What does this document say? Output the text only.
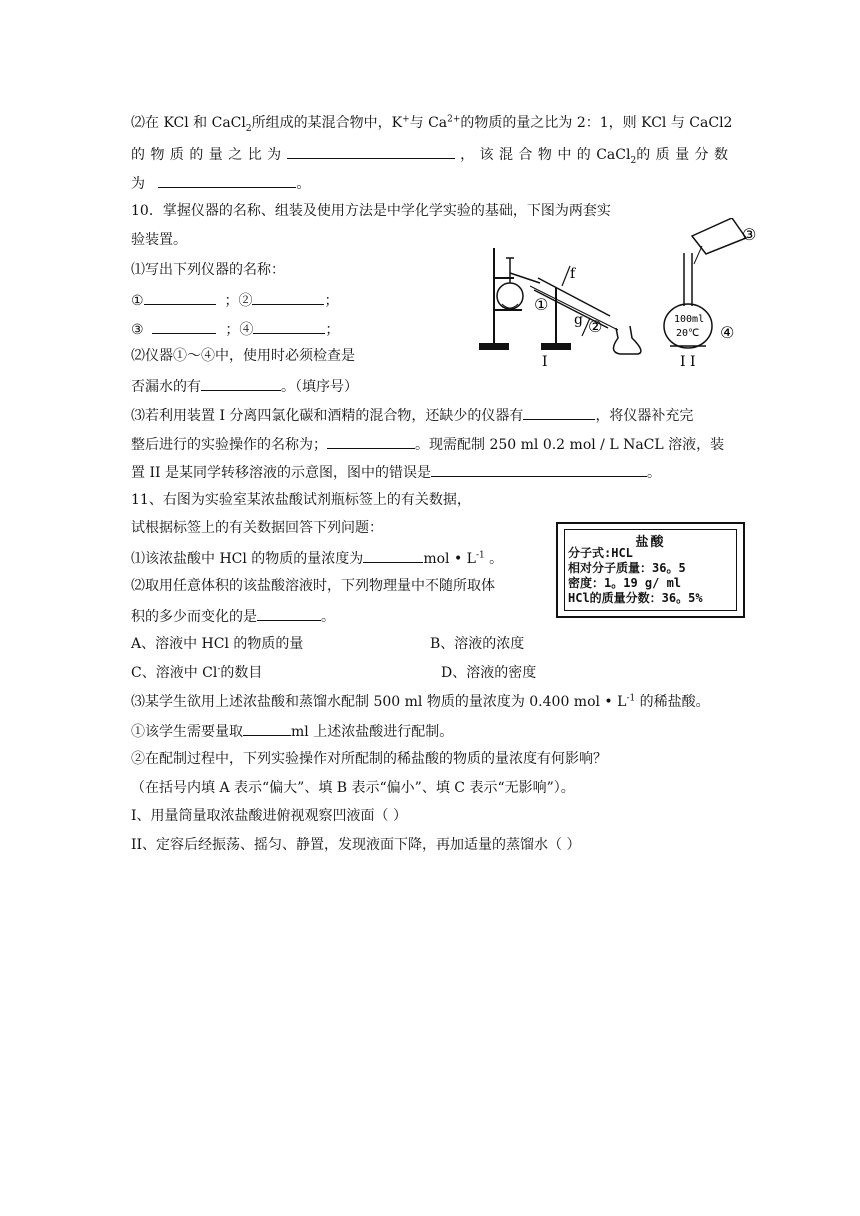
⑵在 KCl 和 CaCl$_2$所组成的某混合物中，K+与 $Ca^{2+}$的物质的量之比为 2：1，则 KCl 与 CaCl2
的 物 质 的 量 之 比 为	， 该 混 合 物 中 的 CaCl$_2$的 质 量 分 数
为	。
10．掌握仪器的名称、组装及使用方法是中学化学实验的基础，下图为两套实
验装置。
⑴写出下列仪器的名称：
①	；②	；
③	；④	；
⑵仪器①～④中，使用时必须检查是
否漏水的有	。（填序号）
⑶若利用装置 I 分离四氯化碳和酒精的混合物，还缺少的仪器有	，将仪器补充完
整后进行的实验操作的名称为；	。现需配制 250 ml 0.2 mol / L NaCL 溶液，装
置 II 是某同学转移溶液的示意图，图中的错误是	。
f
g
①
②
③
④
100ml
20℃
I	I I
11、右图为实验室某浓盐酸试剂瓶标签上的有关数据，
试根据标签上的有关数据回答下列问题：
⑴该浓盐酸中 HCl 的物质的量浓度为	mol • $L^{-1}$ 。
⑵取用任意体积的该盐酸溶液时，下列物理量中不随所取体
积的多少而变化的是	。
A、溶液中 HCl 的物质的量	B、溶液的浓度
C、溶液中 Cl-的数目	D、溶液的密度
⑶某学生欲用上述浓盐酸和蒸馏水配制 500 ml 物质的量浓度为 0.400 mol • $L^{-1}$ 的稀盐酸。
①该学生需要量取	ml 上述浓盐酸进行配制。
②在配制过程中，下列实验操作对所配制的稀盐酸的物质的量浓度有何影响？
（在括号内填 A 表示“偏大”、填 B 表示“偏小”、填 C 表示“无影响”）。
I、用量筒量取浓盐酸进俯视观察凹液面（ ）
II、定容后经振荡、摇匀、静置，发现液面下降，再加适量的蒸馏水（ ）
盐酸
分子式:HCL
相对分子质量：36。5
密度：1。19 g/ ml
HCl的质量分数：36。5%
